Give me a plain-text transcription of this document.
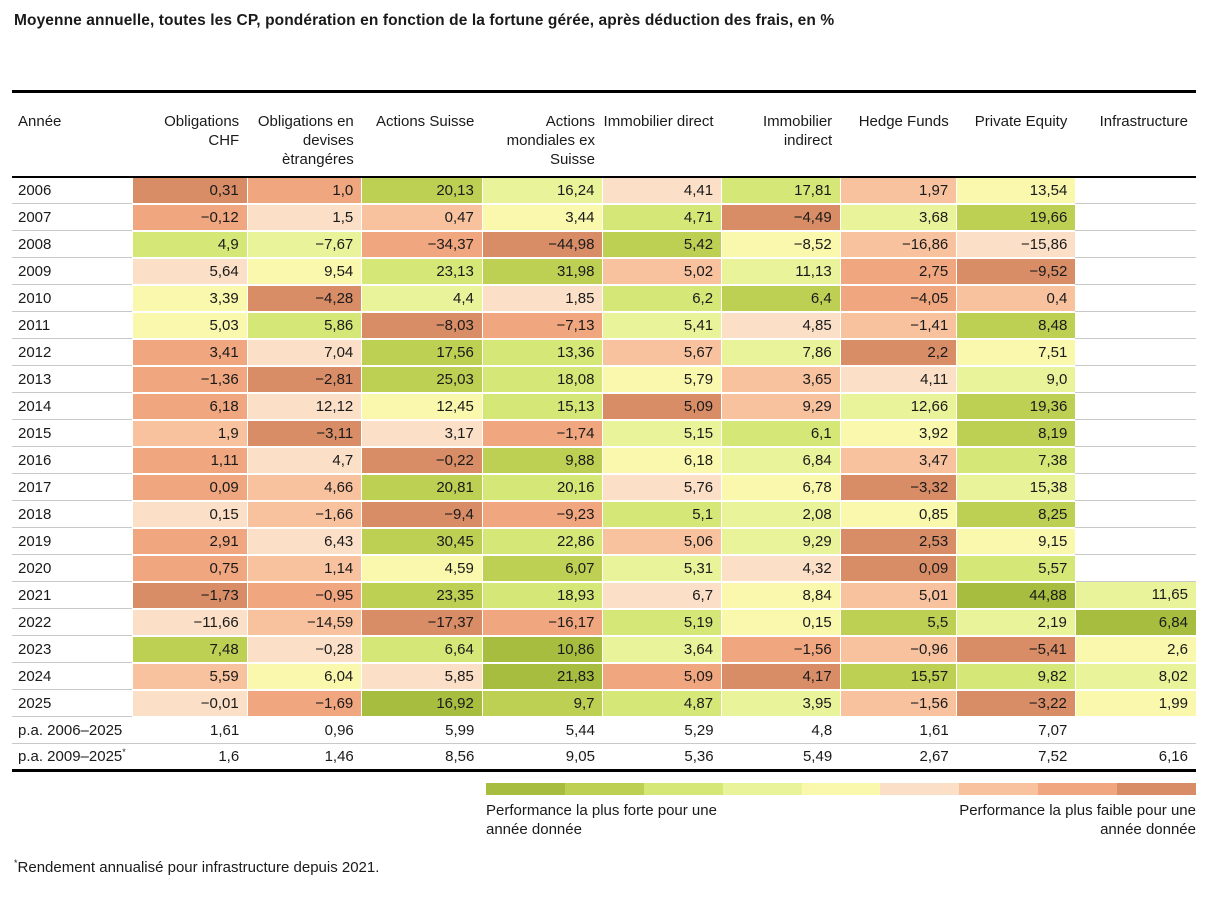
Moyenne annuelle, toutes les CP, pondération en fonction de la fortune gérée, après déduction des frais, en %
Année	Obligations CHF	Obligations en devises ètrangéres	Actions Suisse	Actions mondiales ex Suisse	Immobilier direct	Immobilier indirect	Hedge Funds	Private Equity	Infrastructure
2006	0,31	1,0	20,13	16,24	4,41	17,81	1,97	13,54	
2007	−0,12	1,5	0,47	3,44	4,71	−4,49	3,68	19,66	
2008	4,9	−7,67	−34,37	−44,98	5,42	−8,52	−16,86	−15,86	
2009	5,64	9,54	23,13	31,98	5,02	11,13	2,75	−9,52	
2010	3,39	−4,28	4,4	1,85	6,2	6,4	−4,05	0,4	
2011	5,03	5,86	−8,03	−7,13	5,41	4,85	−1,41	8,48	
2012	3,41	7,04	17,56	13,36	5,67	7,86	2,2	7,51	
2013	−1,36	−2,81	25,03	18,08	5,79	3,65	4,11	9,0	
2014	6,18	12,12	12,45	15,13	5,09	9,29	12,66	19,36	
2015	1,9	−3,11	3,17	−1,74	5,15	6,1	3,92	8,19	
2016	1,11	4,7	−0,22	9,88	6,18	6,84	3,47	7,38	
2017	0,09	4,66	20,81	20,16	5,76	6,78	−3,32	15,38	
2018	0,15	−1,66	−9,4	−9,23	5,1	2,08	0,85	8,25	
2019	2,91	6,43	30,45	22,86	5,06	9,29	2,53	9,15	
2020	0,75	1,14	4,59	6,07	5,31	4,32	0,09	5,57	
2021	−1,73	−0,95	23,35	18,93	6,7	8,84	5,01	44,88	11,65
2022	−11,66	−14,59	−17,37	−16,17	5,19	0,15	5,5	2,19	6,84
2023	7,48	−0,28	6,64	10,86	3,64	−1,56	−0,96	−5,41	2,6
2024	5,59	6,04	5,85	21,83	5,09	4,17	15,57	9,82	8,02
2025	−0,01	−1,69	16,92	9,7	4,87	3,95	−1,56	−3,22	1,99
p.a. 2006–2025	1,61	0,96	5,99	5,44	5,29	4,8	1,61	7,07	
p.a. 2009–2025*	1,6	1,46	8,56	9,05	5,36	5,49	2,67	7,52	6,16
Performance la plus forte pour une année donnée
Performance la plus faible pour une année donnée
*Rendement annualisé pour infrastructure depuis 2021.
